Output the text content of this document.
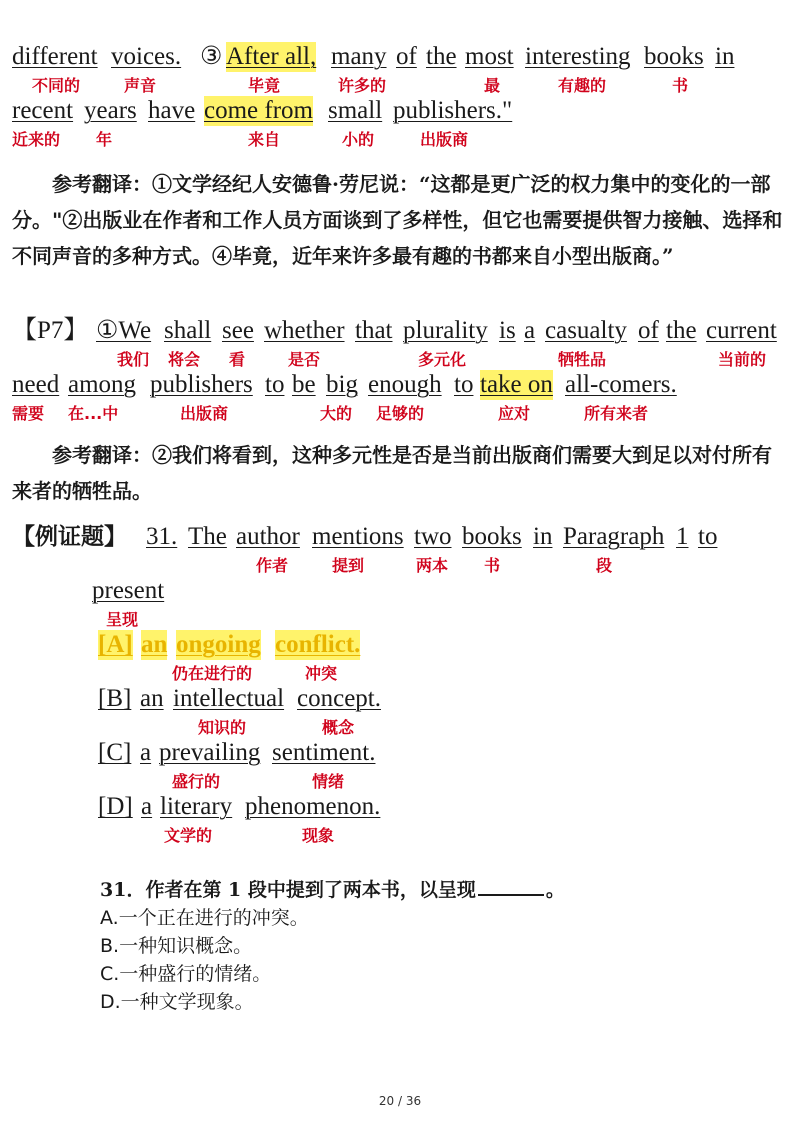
different voices. ③ After all, many of the most interesting books in
不同的	声音	毕竟	许多的	最	有趣的	书
recent years have come from small publishers."
近来的 年	来自	小的	出版商

参考翻译：①文学经纪人安德鲁·劳尼说：“这都是更广泛的权力集中的变化的一部分。"②出版业在作者和工作人员方面谈到了多样性，但它也需要提供智力接触、选择和不同声音的多种方式。④毕竟，近年来许多最有趣的书都来自小型出版商。”

【P7】 ①We shall see whether that plurality is a casualty of the current
我们 将会 看	是否	多元化	牺牲品	当前的
need among publishers to be big enough to take on all-comers.
需要 在...中	出版商	大的 足够的	应对	所有来者

参考翻译：②我们将看到，这种多元性是否是当前出版商们需要大到足以对付所有来者的牺牲品。

【例证题】 31. The author mentions two books in Paragraph 1 to
作者	提到	两本 书	段
present
呈现
[A] an ongoing conflict.
仍在进行的	冲突
[B] an intellectual concept.
知识的	概念
[C] a prevailing sentiment.
盛行的	情绪
[D] a literary phenomenon.
文学的	现象
31．作者在第 1 段中提到了两本书，以呈现	。
A.一个正在进行的冲突。
B.一种知识概念。
C.一种盛行的情绪。
D.一种文学现象。
20 / 36
